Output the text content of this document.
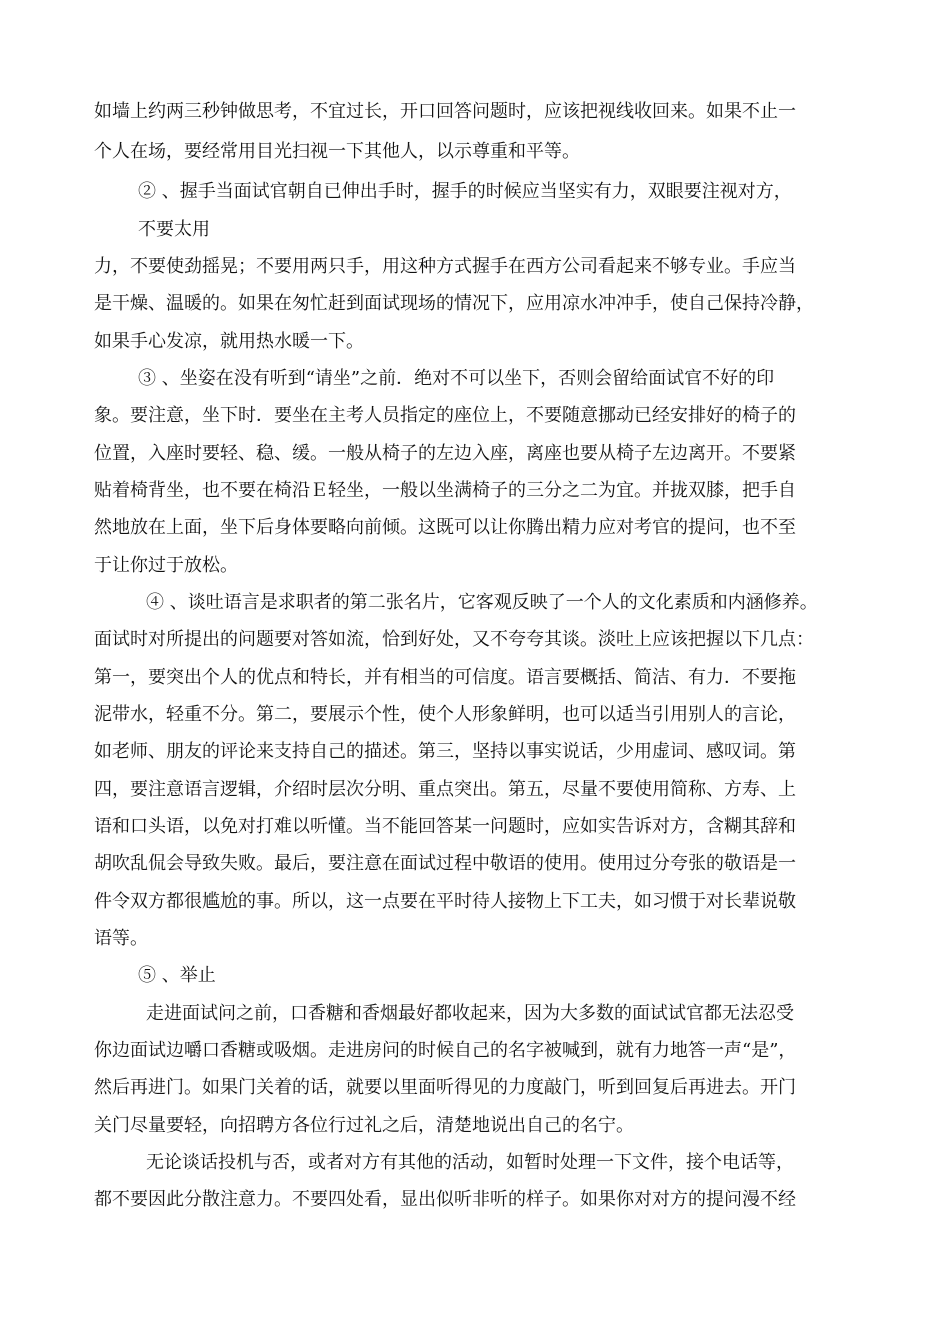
如墙上约两三秒钟做思考，不宜过长，开口回答问题时，应该把视线收回来。如果不止一
个人在场，要经常用目光扫视一下其他人，以示尊重和平等。
② 、握手当面试官朝自已伸出手时，握手的时候应当坚实有力，双眼要注视对方，
不要太用
力，不要使劲摇晃；不要用两只手，用这种方式握手在西方公司看起来不够专业。手应当
是干燥、温暖的。如果在匆忙赶到面试现场的情况下，应用凉水冲冲手，使自己保持冷静，
如果手心发凉，就用热水暖一下。
③ 、坐姿在没有听到“请坐”之前．绝对不可以坐下，否则会留给面试官不好的印
象。要注意，坐下时．要坐在主考人员指定的座位上，不要随意挪动已经安排好的椅子的
位置，入座时要轻、稳、缓。一般从椅子的左边入座，离座也要从椅子左边离开。不要紧
贴着椅背坐，也不要在椅沿Ｅ轻坐，一般以坐满椅子的三分之二为宜。并拢双膝，把手自
然地放在上面，坐下后身体要略向前倾。这既可以让你腾出精力应对考官的提问，也不至
于让你过于放松。
④ 、谈吐语言是求职者的第二张名片，它客观反映了一个人的文化素质和内涵修养。
面试时对所提出的问题要对答如流，恰到好处，又不夸夸其谈。淡吐上应该把握以下几点：
第一，要突出个人的优点和特长，并有相当的可信度。语言要概括、简洁、有力．不要拖
泥带水，轻重不分。第二，要展示个性，使个人形象鲜明，也可以适当引用别人的言论，
如老师、朋友的评论来支持自己的描述。第三，坚持以事实说话，少用虚词、感叹词。第
四，要注意语言逻辑，介绍时层次分明、重点突出。第五，尽量不要使用简称、方寿、上
语和口头语，以免对打难以听懂。当不能回答某一问题时，应如实告诉对方，含糊其辞和
胡吹乱侃会导致失败。最后，要注意在面试过程中敬语的使用。使用过分夸张的敬语是一
件令双方都很尴尬的事。所以，这一点要在平时待人接物上下工夫，如习惯于对长辈说敬
语等。
⑤ 、举止
走进面试问之前，口香糖和香烟最好都收起来，因为大多数的面试试官都无法忍受
你边面试边嚼口香糖或吸烟。走进房问的时候自己的名字被喊到，就有力地答一声“是”，
然后再进门。如果门关着的话，就要以里面听得见的力度敲门，听到回复后再进去。开门
关门尽量要轻，向招聘方各位行过礼之后，清楚地说出自己的名宁。
无论谈话投机与否，或者对方有其他的活动，如暂时处理一下文件，接个电话等，
都不要因此分散注意力。不要四处看，显出似听非听的样子。如果你对对方的提问漫不经
